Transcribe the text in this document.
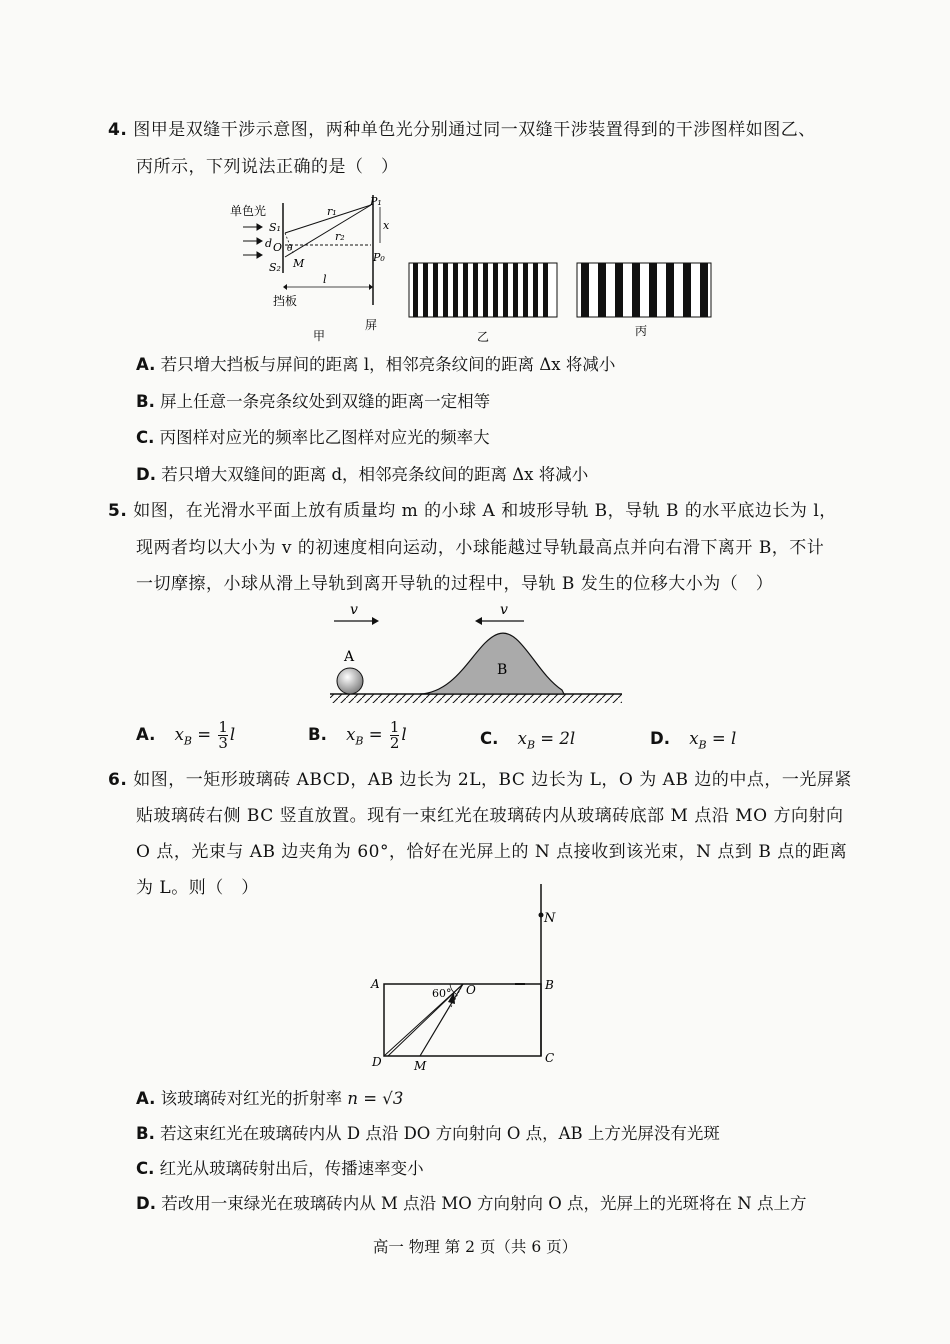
4. 图甲是双缝干涉示意图，两种单色光分别通过同一双缝干涉装置得到的干涉图样如图乙、
丙所示，下列说法正确的是（　）
单色光
S₁
d O θ
S₂ M
r₁
r₂
P₁
x
P₀
l
挡板
屏
甲	乙	丙
A. 若只增大挡板与屏间的距离 l，相邻亮条纹间的距离 Δx 将减小
B. 屏上任意一条亮条纹处到双缝的距离一定相等
C. 丙图样对应光的频率比乙图样对应光的频率大
D. 若只增大双缝间的距离 d，相邻亮条纹间的距离 Δx 将减小
5. 如图，在光滑水平面上放有质量均 m 的小球 A 和坡形导轨 B，导轨 B 的水平底边长为 l，
现两者均以大小为 v 的初速度相向运动，小球能越过导轨最高点并向右滑下离开 B，不计
一切摩擦，小球从滑上导轨到离开导轨的过程中，导轨 B 发生的位移大小为（　）
v	v
A
B
A. $x_B = \frac{1}{3}$ l	B. $x_B = \frac{1}{2}$ l	C. $x_B = 2l$	D. $x_B = l$
6. 如图，一矩形玻璃砖 ABCD，AB 边长为 2L，BC 边长为 L，O 为 AB 边的中点，一光屏紧
贴玻璃砖右侧 BC 竖直放置。现有一束红光在玻璃砖内从玻璃砖底部 M 点沿 MO 方向射向
O 点，光束与 AB 边夹角为 60°，恰好在光屏上的 N 点接收到该光束，N 点到 B 点的距离
为 L。则（　）
N
A	B
C
D
O
M
60°
A. 该玻璃砖对红光的折射率 n = √3
B. 若这束红光在玻璃砖内从 D 点沿 DO 方向射向 O 点，AB 上方光屏没有光斑
C. 红光从玻璃砖射出后，传播速率变小
D. 若改用一束绿光在玻璃砖内从 M 点沿 MO 方向射向 O 点，光屏上的光斑将在 N 点上方
高一 物理 第 2 页（共 6 页）
